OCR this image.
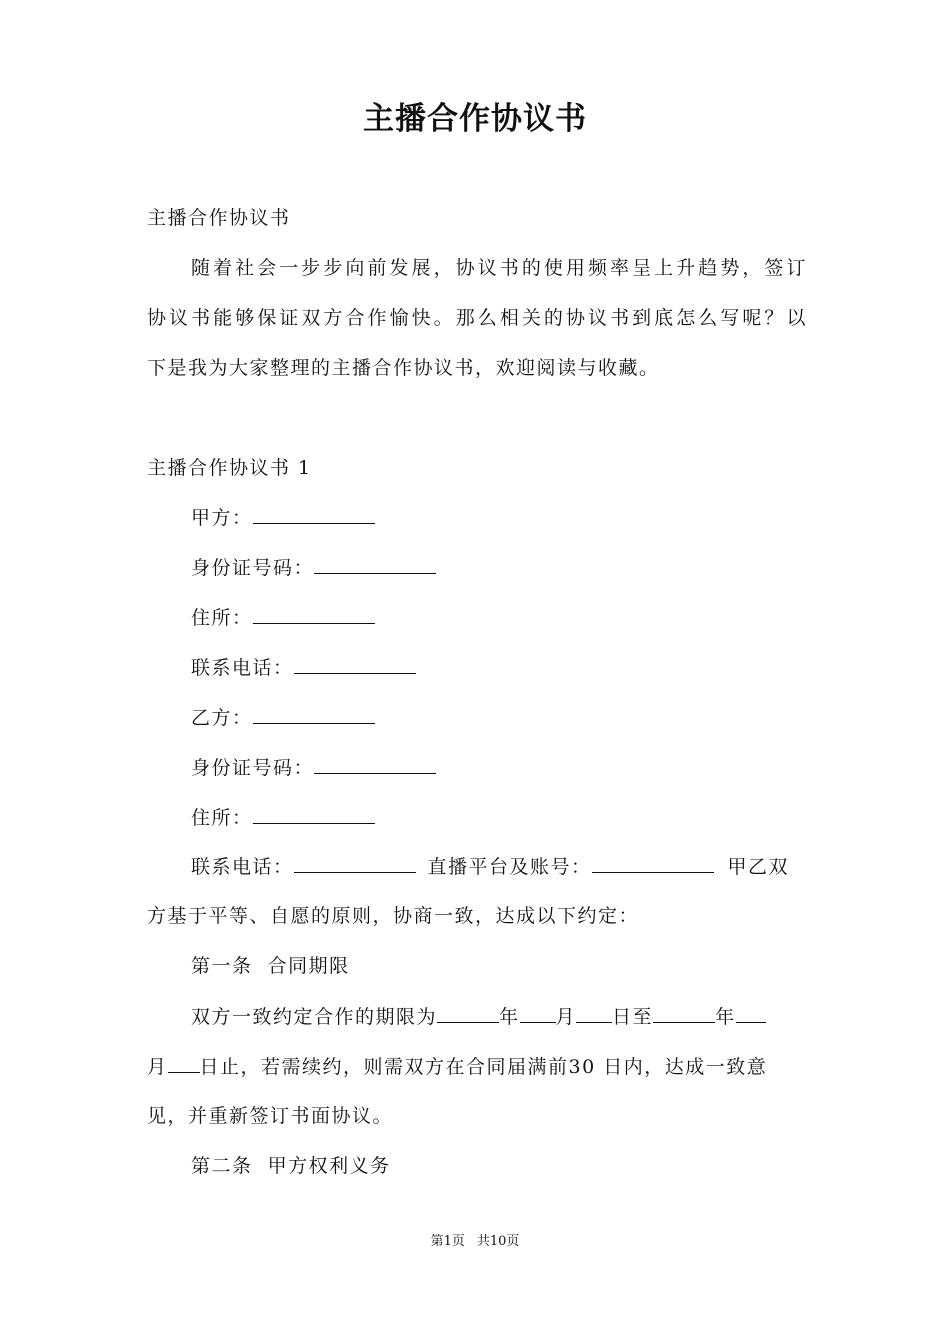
主播合作协议书
主播合作协议书
随着社会一步步向前发展，协议书的使用频率呈上升趋势，签订
协议书能够保证双方合作愉快。那么相关的协议书到底怎么写呢？以
下是我为大家整理的主播合作协议书，欢迎阅读与收藏。
主播合作协议书 1
甲方：
身份证号码：
住所：
联系电话：
乙方：
身份证号码：
住所：
联系电话：	直播平台及账号：	甲乙双
方基于平等、自愿的原则，协商一致，达成以下约定：
第一条  合同期限
双方一致约定合作的期限为	年 月 日至	年
月 日止，若需续约，则需双方在合同届满前30 日内，达成一致意
见，并重新签订书面协议。
第二条  甲方权利义务
第1页 共10页
